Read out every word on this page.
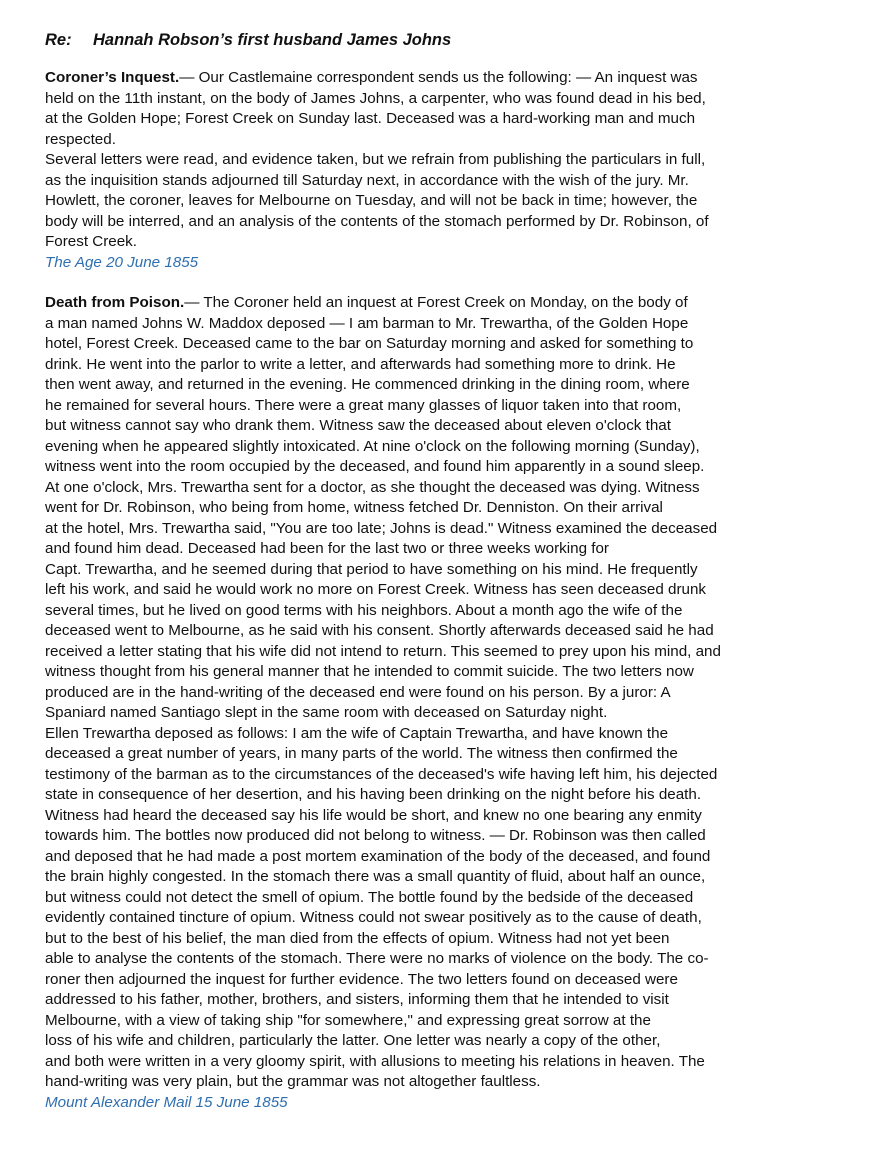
Re: Hannah Robson’s first husband James Johns
Coroner’s Inquest.— Our Castlemaine correspondent sends us the following: — An inquest was
held on the 11th instant, on the body of James Johns, a carpenter, who was found dead in his bed,
at the Golden Hope; Forest Creek on Sunday last. Deceased was a hard-working man and much
respected.
Several letters were read, and evidence taken, but we refrain from publishing the particulars in full,
as the inquisition stands adjourned till Saturday next, in accordance with the wish of the jury. Mr.
Howlett, the coroner, leaves for Melbourne on Tuesday, and will not be back in time; however, the
body will be interred, and an analysis of the contents of the stomach performed by Dr. Robinson, of
Forest Creek.
The Age 20 June 1855
Death from Poison.— The Coroner held an inquest at Forest Creek on Monday, on the body of
a man named Johns W. Maddox deposed — I am barman to Mr. Trewartha, of the Golden Hope
hotel, Forest Creek. Deceased came to the bar on Saturday morning and asked for something to
drink. He went into the parlor to write a letter, and afterwards had something more to drink. He
then went away, and returned in the evening. He commenced drinking in the dining room, where
he remained for several hours. There were a great many glasses of liquor taken into that room,
but witness cannot say who drank them. Witness saw the deceased about eleven o'clock that
evening when he appeared slightly intoxicated. At nine o'clock on the following morning (Sunday),
witness went into the room occupied by the deceased, and found him apparently in a sound sleep.
At one o'clock, Mrs. Trewartha sent for a doctor, as she thought the deceased was dying. Witness
went for Dr. Robinson, who being from home, witness fetched Dr. Denniston. On their arrival
at the hotel, Mrs. Trewartha said, "You are too late; Johns is dead." Witness examined the deceased
and found him dead. Deceased had been for the last two or three weeks working for
Capt. Trewartha, and he seemed during that period to have something on his mind. He frequently
left his work, and said he would work no more on Forest Creek. Witness has seen deceased drunk
several times, but he lived on good terms with his neighbors. About a month ago the wife of the
deceased went to Melbourne, as he said with his consent. Shortly afterwards deceased said he had
received a letter stating that his wife did not intend to return. This seemed to prey upon his mind, and
witness thought from his general manner that he intended to commit suicide. The two letters now
produced are in the hand-writing of the deceased end were found on his person. By a juror: A
Spaniard named Santiago slept in the same room with deceased on Saturday night.
Ellen Trewartha deposed as follows: I am the wife of Captain Trewartha, and have known the
deceased a great number of years, in many parts of the world. The witness then confirmed the
testimony of the barman as to the circumstances of the deceased's wife having left him, his dejected
state in consequence of her desertion, and his having been drinking on the night before his death.
Witness had heard the deceased say his life would be short, and knew no one bearing any enmity
towards him. The bottles now produced did not belong to witness. — Dr. Robinson was then called
and deposed that he had made a post mortem examination of the body of the deceased, and found
the brain highly congested. In the stomach there was a small quantity of fluid, about half an ounce,
but witness could not detect the smell of opium. The bottle found by the bedside of the deceased
evidently contained tincture of opium. Witness could not swear positively as to the cause of death,
but to the best of his belief, the man died from the effects of opium. Witness had not yet been
able to analyse the contents of the stomach. There were no marks of violence on the body. The co-
roner then adjourned the inquest for further evidence. The two letters found on deceased were
addressed to his father, mother, brothers, and sisters, informing them that he intended to visit
Melbourne, with a view of taking ship "for somewhere," and expressing great sorrow at the
loss of his wife and children, particularly the latter. One letter was nearly a copy of the other,
and both were written in a very gloomy spirit, with allusions to meeting his relations in heaven. The
hand-writing was very plain, but the grammar was not altogether faultless.
Mount Alexander Mail 15 June 1855
